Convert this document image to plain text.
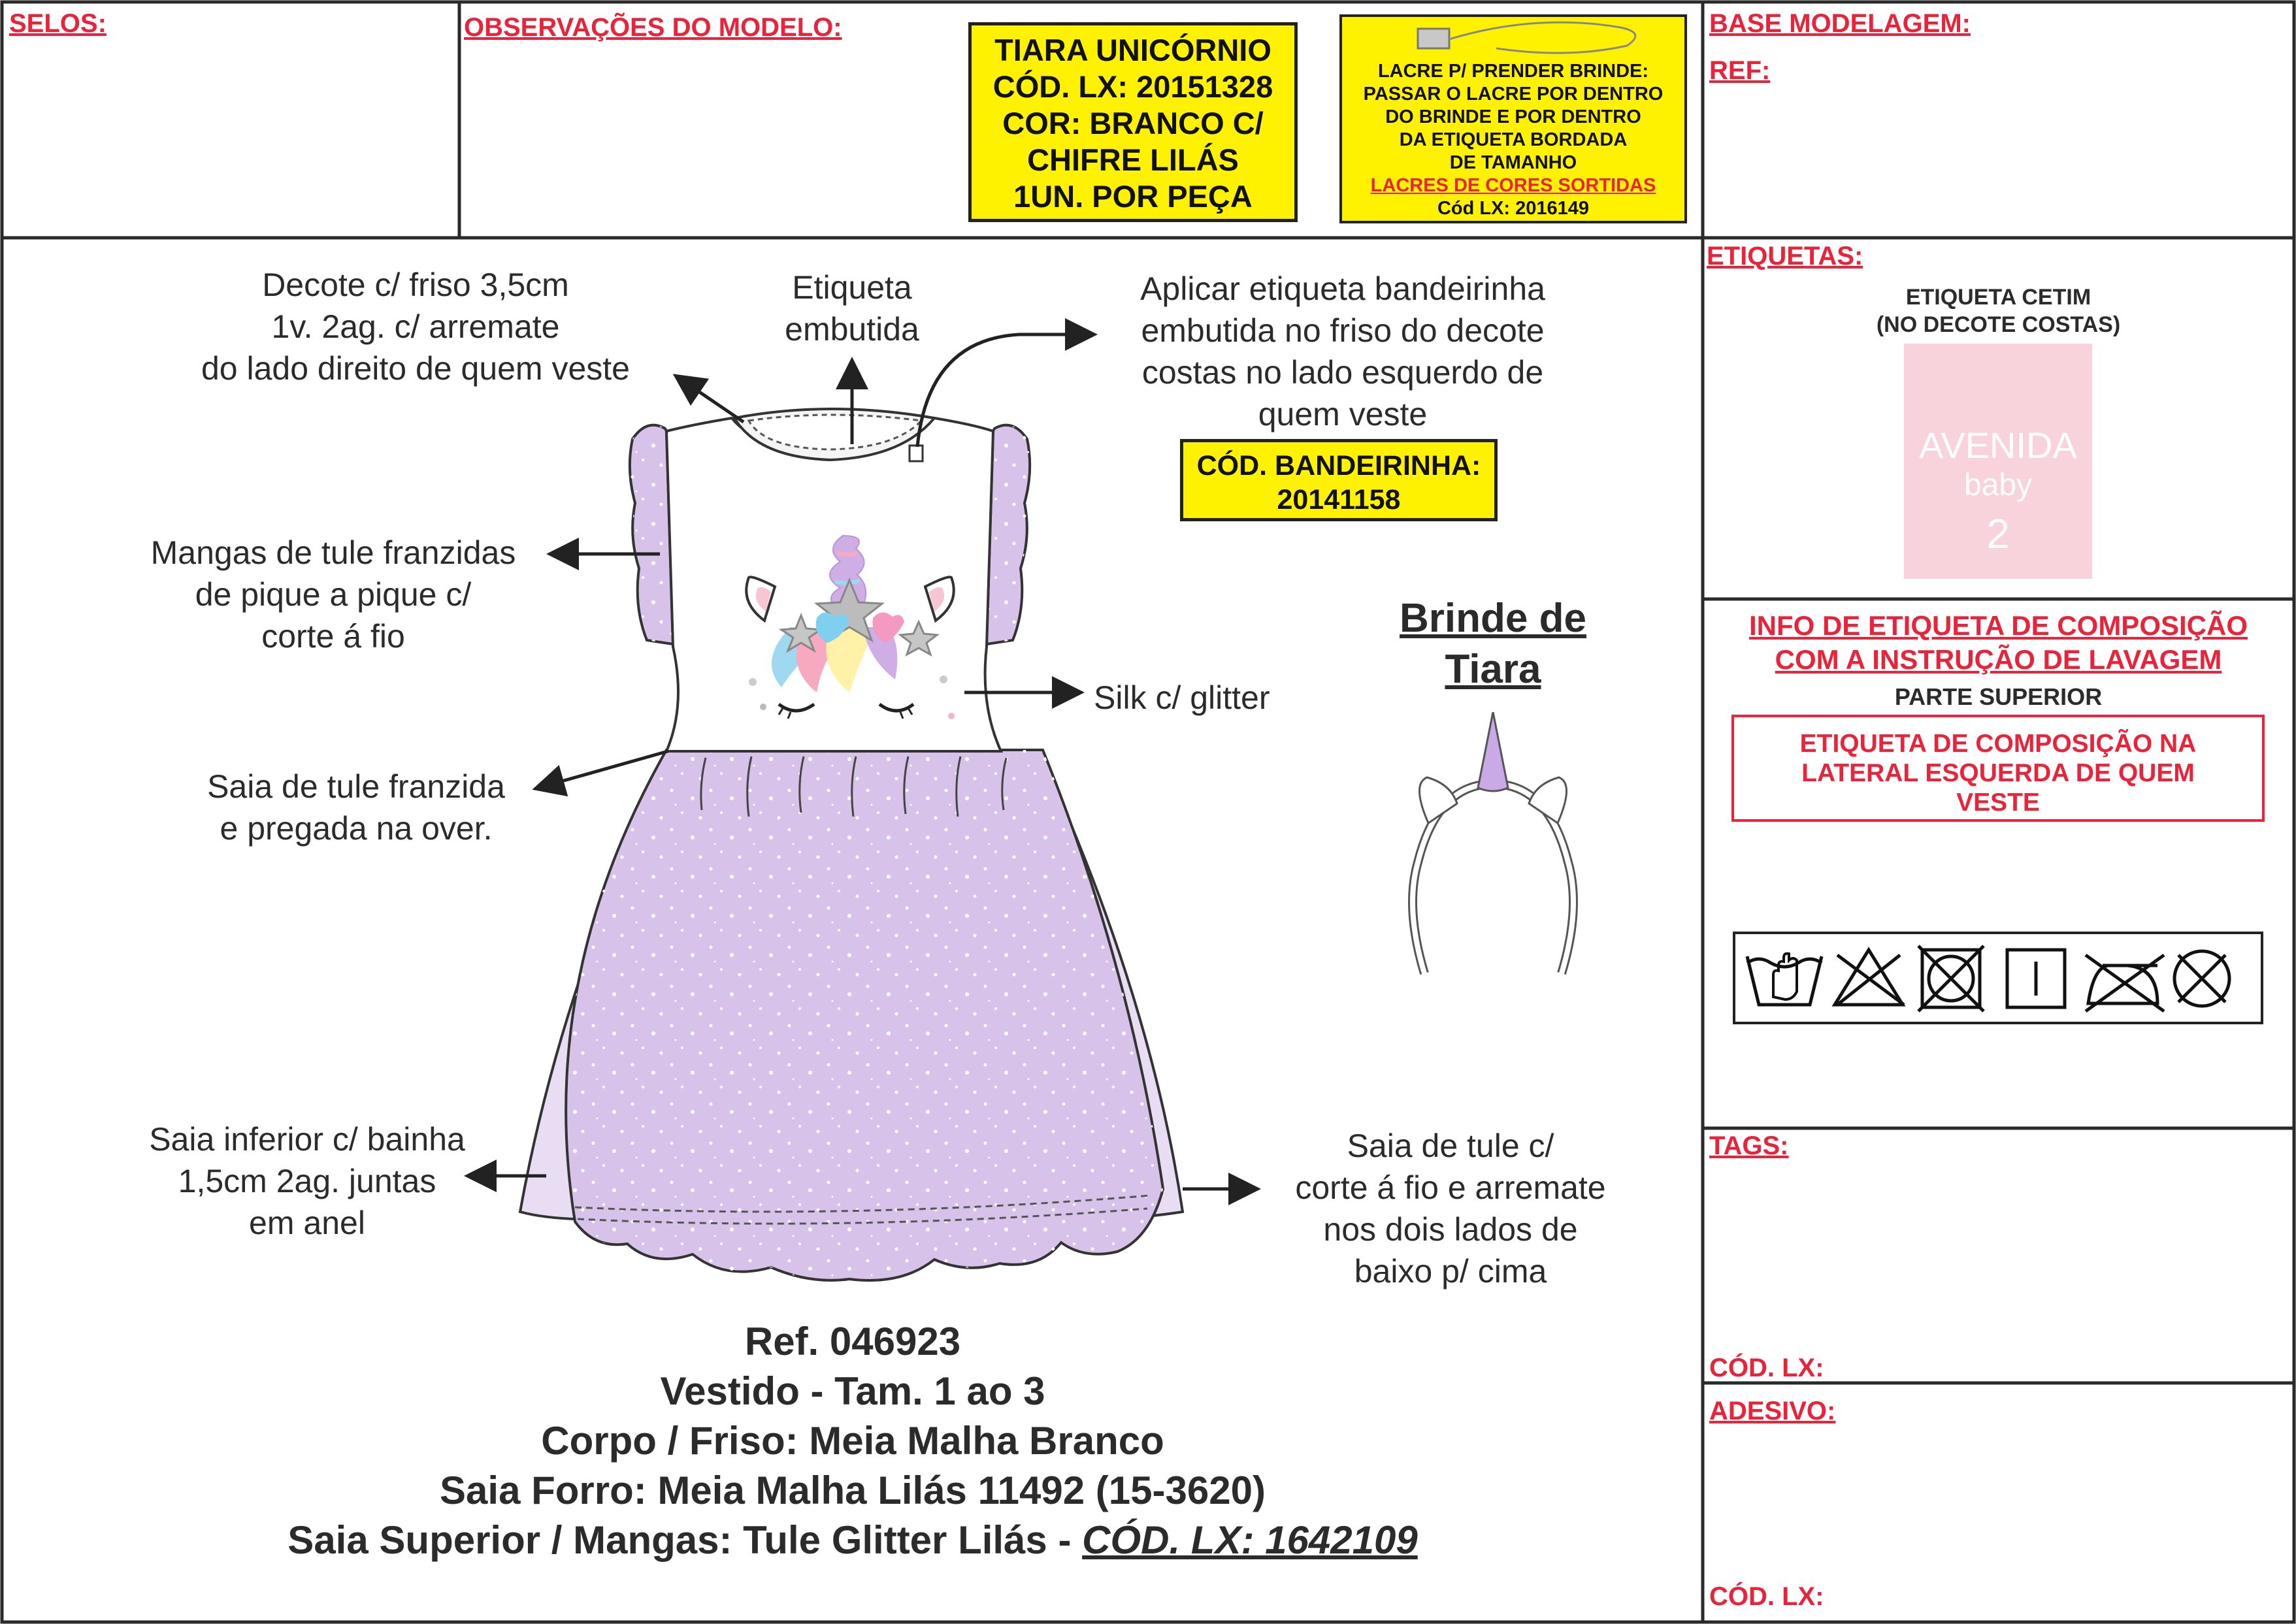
SELOS:	OBSERVAÇÕES DO MODELO:
TIARA UNICÓRNIO
CÓD. LX: 20151328
COR: BRANCO C/
CHIFRE LILÁS
1UN. POR PEÇA
LACRE P/ PRENDER BRINDE:
PASSAR O LACRE POR DENTRO
DO BRINDE E POR DENTRO
DA ETIQUETA BORDADA
DE TAMANHO
LACRES DE CORES SORTIDAS
Cód LX: 2016149
BASE MODELAGEM:
REF:
ETIQUETAS:
ETIQUETA CETIM
(NO DECOTE COSTAS)
AVENIDA
baby
2
INFO DE ETIQUETA DE COMPOSIÇÃO
COM A INSTRUÇÃO DE LAVAGEM
PARTE SUPERIOR
ETIQUETA DE COMPOSIÇÃO NA
LATERAL ESQUERDA DE QUEM
VESTE
TAGS:
CÓD. LX:
ADESIVO:
CÓD. LX:
Decote c/ friso 3,5cm
1v. 2ag. c/ arremate
do lado direito de quem veste
Etiqueta
embutida
Aplicar etiqueta bandeirinha
embutida no friso do decote
costas no lado esquerdo de
quem veste
CÓD. BANDEIRINHA:
20141158
Mangas de tule franzidas
de pique a pique c/
corte á fio
Silk c/ glitter
Saia de tule franzida
e pregada na over.
Saia inferior c/ bainha
1,5cm 2ag. juntas
em anel
Saia de tule c/
corte á fio e arremate
nos dois lados de
baixo p/ cima
Brinde de
Tiara
Ref. 046923
Vestido - Tam. 1 ao 3
Corpo / Friso: Meia Malha Branco
Saia Forro: Meia Malha Lilás 11492 (15-3620)
Saia Superior / Mangas: Tule Glitter Lilás - CÓD. LX: 1642109
